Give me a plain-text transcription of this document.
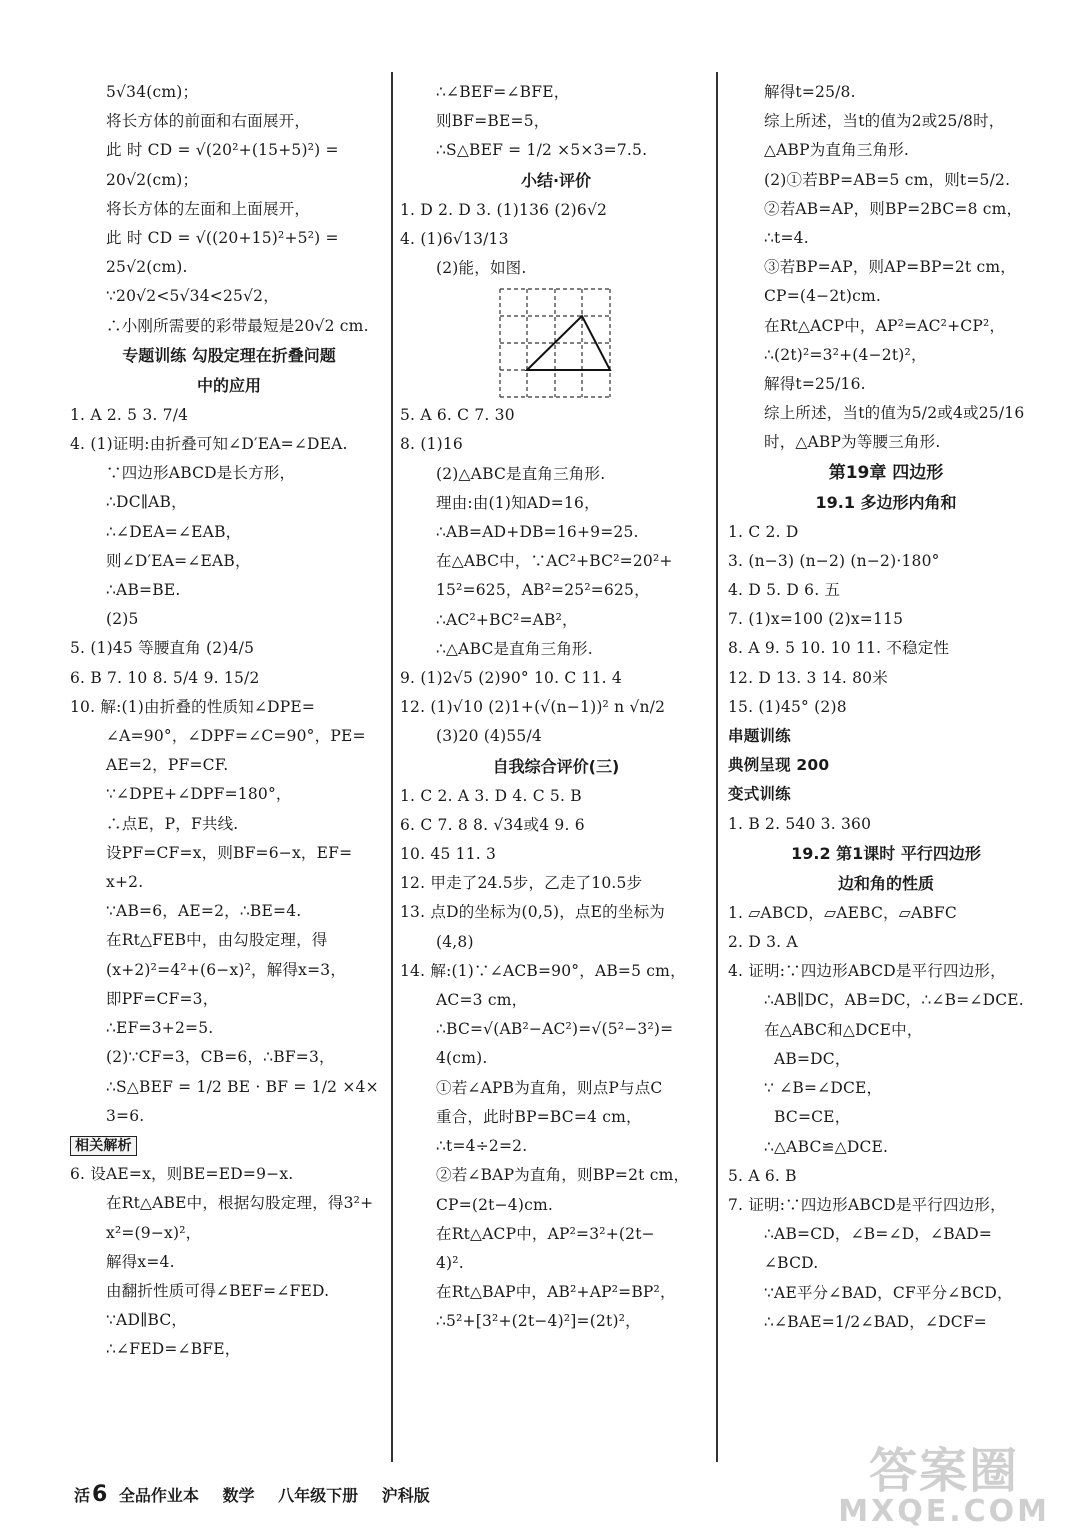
5√34(cm)；
将长方体的前面和右面展开，
此 时 CD = √(20²+(15+5)²) =
20√2(cm)；
将长方体的左面和上面展开，
此 时 CD = √((20+15)²+5²) =
25√2(cm).
∵20√2<5√34<25√2，
∴小刚所需要的彩带最短是20√2 cm.
专题训练 勾股定理在折叠问题
中的应用
1. A 2. 5 3. 7/4
4. (1)证明:由折叠可知∠D′EA=∠DEA.
∵四边形ABCD是长方形，
∴DC∥AB，
∴∠DEA=∠EAB，
则∠D′EA=∠EAB，
∴AB=BE.
(2)5
5. (1)45 等腰直角 (2)4/5
6. B 7. 10 8. 5/4 9. 15/2
10. 解:(1)由折叠的性质知∠DPE=
∠A=90°，∠DPF=∠C=90°，PE=
AE=2，PF=CF.
∵∠DPE+∠DPF=180°，
∴点E，P，F共线.
设PF=CF=x，则BF=6−x，EF=
x+2.
∵AB=6，AE=2，∴BE=4.
在Rt△FEB中，由勾股定理，得
(x+2)²=4²+(6−x)²，解得x=3，
即PF=CF=3，
∴EF=3+2=5.
(2)∵CF=3，CB=6，∴BF=3，
∴S△BEF = 1/2 BE · BF = 1/2 ×4×
3=6.
相关解析
6. 设AE=x，则BE=ED=9−x.
在Rt△ABE中，根据勾股定理，得3²+
x²=(9−x)²，
解得x=4.
由翻折性质可得∠BEF=∠FED.
∵AD∥BC，
∴∠FED=∠BFE，
∴∠BEF=∠BFE，
则BF=BE=5，
∴S△BEF = 1/2 ×5×3=7.5.
小结·评价
1. D 2. D 3. (1)136 (2)6√2
4. (1)6√13/13
(2)能，如图.
5. A 6. C 7. 30
8. (1)16
(2)△ABC是直角三角形.
理由:由(1)知AD=16，
∴AB=AD+DB=16+9=25.
在△ABC中，∵AC²+BC²=20²+
15²=625，AB²=25²=625，
∴AC²+BC²=AB²，
∴△ABC是直角三角形.
9. (1)2√5 (2)90° 10. C 11. 4
12. (1)√10 (2)1+(√(n−1))² n √n/2
(3)20 (4)55/4
自我综合评价(三)
1. C 2. A 3. D 4. C 5. B
6. C 7. 8 8. √34或4 9. 6
10. 45 11. 3
12. 甲走了24.5步，乙走了10.5步
13. 点D的坐标为(0,5)，点E的坐标为
(4,8)
14. 解:(1)∵∠ACB=90°，AB=5 cm，
AC=3 cm，
∴BC=√(AB²−AC²)=√(5²−3²)=
4(cm).
①若∠APB为直角，则点P与点C
重合，此时BP=BC=4 cm，
∴t=4÷2=2.
②若∠BAP为直角，则BP=2t cm，
CP=(2t−4)cm.
在Rt△ACP中，AP²=3²+(2t−
4)².
在Rt△BAP中，AB²+AP²=BP²，
∴5²+[3²+(2t−4)²]=(2t)²，
解得t=25/8.
综上所述，当t的值为2或25/8时，
△ABP为直角三角形.
(2)①若BP=AB=5 cm，则t=5/2.
②若AB=AP，则BP=2BC=8 cm，
∴t=4.
③若BP=AP，则AP=BP=2t cm，
CP=(4−2t)cm.
在Rt△ACP中，AP²=AC²+CP²，
∴(2t)²=3²+(4−2t)²，
解得t=25/16.
综上所述，当t的值为5/2或4或25/16
时，△ABP为等腰三角形.
第19章 四边形
19.1 多边形内角和
1. C 2. D
3. (n−3) (n−2) (n−2)·180°
4. D 5. D 6. 五
7. (1)x=100 (2)x=115
8. A 9. 5 10. 10 11. 不稳定性
12. D 13. 3 14. 80米
15. (1)45° (2)8
串题训练
典例呈现 200
变式训练
1. B 2. 540 3. 360
19.2 第1课时 平行四边形
边和角的性质
1. ▱ABCD，▱AEBC，▱ABFC
2. D 3. A
4. 证明:∵四边形ABCD是平行四边形，
∴AB∥DC，AB=DC，∴∠B=∠DCE.
在△ABC和△DCE中，
AB=DC，
∵ ∠B=∠DCE，
BC=CE，
∴△ABC≌△DCE.
5. A 6. B
7. 证明:∵四边形ABCD是平行四边形，
∴AB=CD，∠B=∠D，∠BAD=
∠BCD.
∵AE平分∠BAD，CF平分∠BCD，
∴∠BAE=1/2∠BAD，∠DCF=
活6 全品作业本 数学 八年级下册 沪科版	答案圈
MXQE.COM
